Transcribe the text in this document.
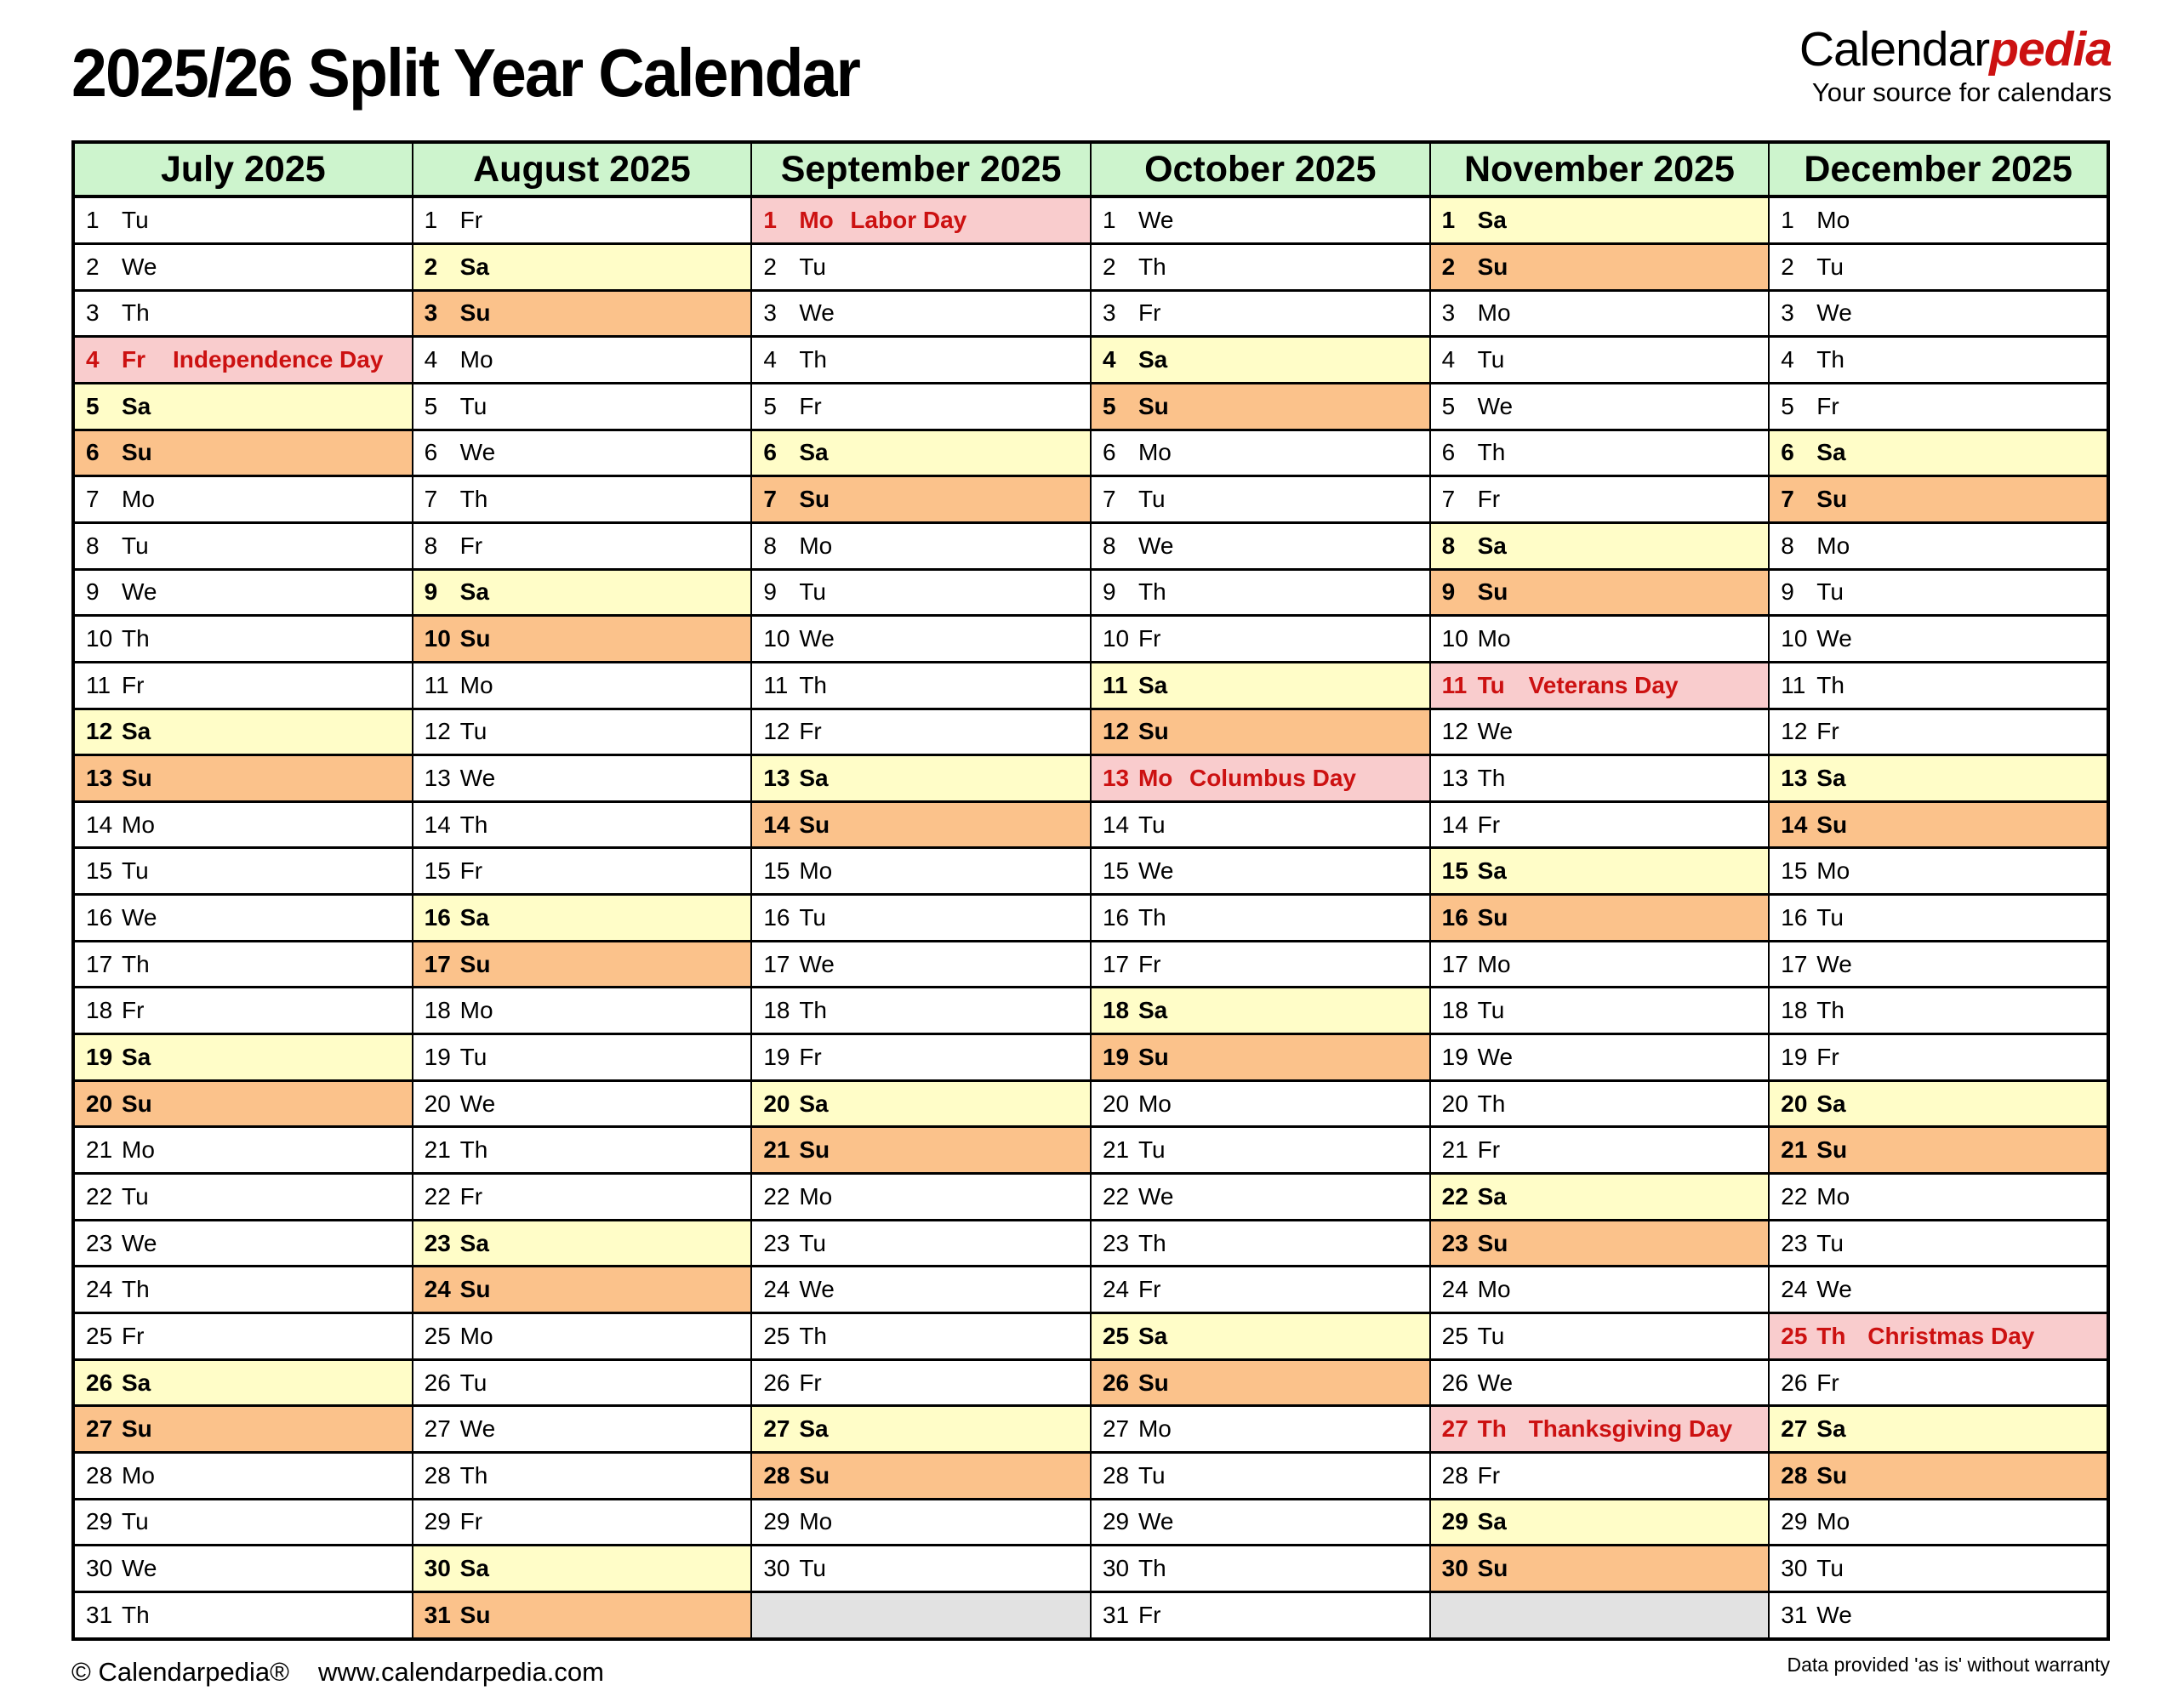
2025/26 Split Year Calendar	Calendarpedia
Your source for calendars
July 2025	August 2025	September 2025	October 2025	November 2025	December 2025
1 Tu	1 Fr	1 Mo Labor Day	1 We	1 Sa	1 Mo
2 We	2 Sa	2 Tu	2 Th	2 Su	2 Tu
3 Th	3 Su	3 We	3 Fr	3 Mo	3 We
4 Fr Independence Day	4 Mo	4 Th	4 Sa	4 Tu	4 Th
5 Sa	5 Tu	5 Fr	5 Su	5 We	5 Fr
6 Su	6 We	6 Sa	6 Mo	6 Th	6 Sa
7 Mo	7 Th	7 Su	7 Tu	7 Fr	7 Su
8 Tu	8 Fr	8 Mo	8 We	8 Sa	8 Mo
9 We	9 Sa	9 Tu	9 Th	9 Su	9 Tu
10 Th	10 Su	10 We	10 Fr	10 Mo	10 We
11 Fr	11 Mo	11 Th	11 Sa	11 Tu Veterans Day	11 Th
12 Sa	12 Tu	12 Fr	12 Su	12 We	12 Fr
13 Su	13 We	13 Sa	13 Mo Columbus Day	13 Th	13 Sa
14 Mo	14 Th	14 Su	14 Tu	14 Fr	14 Su
15 Tu	15 Fr	15 Mo	15 We	15 Sa	15 Mo
16 We	16 Sa	16 Tu	16 Th	16 Su	16 Tu
17 Th	17 Su	17 We	17 Fr	17 Mo	17 We
18 Fr	18 Mo	18 Th	18 Sa	18 Tu	18 Th
19 Sa	19 Tu	19 Fr	19 Su	19 We	19 Fr
20 Su	20 We	20 Sa	20 Mo	20 Th	20 Sa
21 Mo	21 Th	21 Su	21 Tu	21 Fr	21 Su
22 Tu	22 Fr	22 Mo	22 We	22 Sa	22 Mo
23 We	23 Sa	23 Tu	23 Th	23 Su	23 Tu
24 Th	24 Su	24 We	24 Fr	24 Mo	24 We
25 Fr	25 Mo	25 Th	25 Sa	25 Tu	25 Th Christmas Day
26 Sa	26 Tu	26 Fr	26 Su	26 We	26 Fr
27 Su	27 We	27 Sa	27 Mo	27 Th Thanksgiving Day	27 Sa
28 Mo	28 Th	28 Su	28 Tu	28 Fr	28 Su
29 Tu	29 Fr	29 Mo	29 We	29 Sa	29 Mo
30 We	30 Sa	30 Tu	30 Th	30 Su	30 Tu
31 Th	31 Su		31 Fr		31 We
© Calendarpedia® www.calendarpedia.com	Data provided 'as is' without warranty
